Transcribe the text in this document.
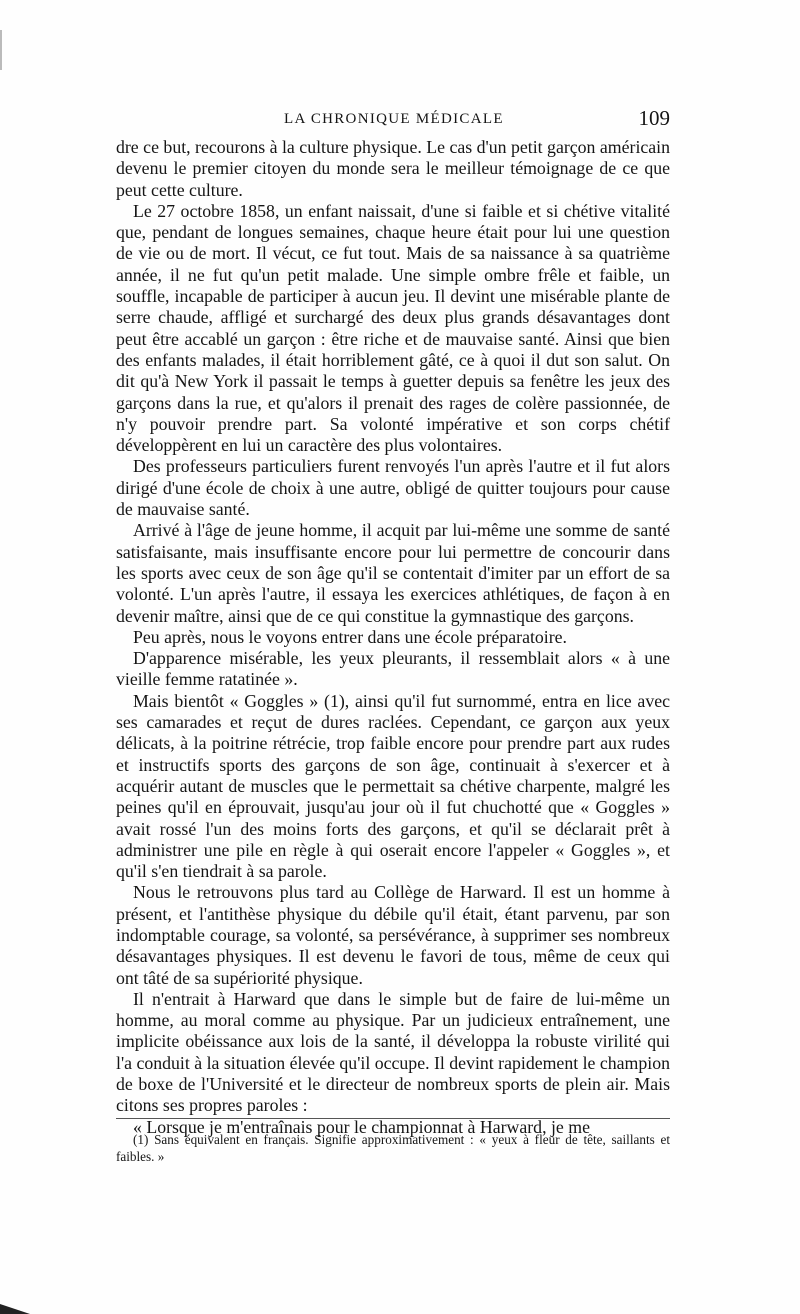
LA CHRONIQUE MÉDICALE	109

dre ce but, recourons à la culture physique. Le cas d'un petit garçon américain devenu le premier citoyen du monde sera le meilleur témoignage de ce que peut cette culture.

Le 27 octobre 1858, un enfant naissait, d'une si faible et si chétive vitalité que, pendant de longues semaines, chaque heure était pour lui une question de vie ou de mort. Il vécut, ce fut tout. Mais de sa naissance à sa quatrième année, il ne fut qu'un petit malade. Une simple ombre frêle et faible, un souffle, incapable de participer à aucun jeu. Il devint une misérable plante de serre chaude, affligé et surchargé des deux plus grands désavantages dont peut être accablé un garçon : être riche et de mauvaise santé. Ainsi que bien des enfants malades, il était horriblement gâté, ce à quoi il dut son salut. On dit qu'à New York il passait le temps à guetter depuis sa fenêtre les jeux des garçons dans la rue, et qu'alors il prenait des rages de colère passionnée, de n'y pouvoir prendre part. Sa volonté impérative et son corps chétif développèrent en lui un caractère des plus volontaires.

Des professeurs particuliers furent renvoyés l'un après l'autre et il fut alors dirigé d'une école de choix à une autre, obligé de quitter toujours pour cause de mauvaise santé.

Arrivé à l'âge de jeune homme, il acquit par lui-même une somme de santé satisfaisante, mais insuffisante encore pour lui permettre de concourir dans les sports avec ceux de son âge qu'il se contentait d'imiter par un effort de sa volonté. L'un après l'autre, il essaya les exercices athlétiques, de façon à en devenir maître, ainsi que de ce qui constitue la gymnastique des garçons.

Peu après, nous le voyons entrer dans une école préparatoire.

D'apparence misérable, les yeux pleurants, il ressemblait alors « à une vieille femme ratatinée ».

Mais bientôt « Goggles » (1), ainsi qu'il fut surnommé, entra en lice avec ses camarades et reçut de dures raclées. Cependant, ce garçon aux yeux délicats, à la poitrine rétrécie, trop faible encore pour prendre part aux rudes et instructifs sports des garçons de son âge, continuait à s'exercer et à acquérir autant de muscles que le permettait sa chétive charpente, malgré les peines qu'il en éprouvait, jusqu'au jour où il fut chuchotté que « Goggles » avait rossé l'un des moins forts des garçons, et qu'il se déclarait prêt à administrer une pile en règle à qui oserait encore l'appeler « Goggles », et qu'il s'en tiendrait à sa parole.

Nous le retrouvons plus tard au Collège de Harward. Il est un homme à présent, et l'antithèse physique du débile qu'il était, étant parvenu, par son indomptable courage, sa volonté, sa persévérance, à supprimer ses nombreux désavantages physiques. Il est devenu le favori de tous, même de ceux qui ont tâté de sa supériorité physique.

Il n'entrait à Harward que dans le simple but de faire de lui-même un homme, au moral comme au physique. Par un judicieux entraînement, une implicite obéissance aux lois de la santé, il développa la robuste virilité qui l'a conduit à la situation élevée qu'il occupe. Il devint rapidement le champion de boxe de l'Université et le directeur de nombreux sports de plein air. Mais citons ses propres paroles :

« Lorsque je m'entraînais pour le championnat à Harward, je me

(1) Sans équivalent en français. Signifie approximativement : « yeux à fleur de tête, saillants et faibles. »
